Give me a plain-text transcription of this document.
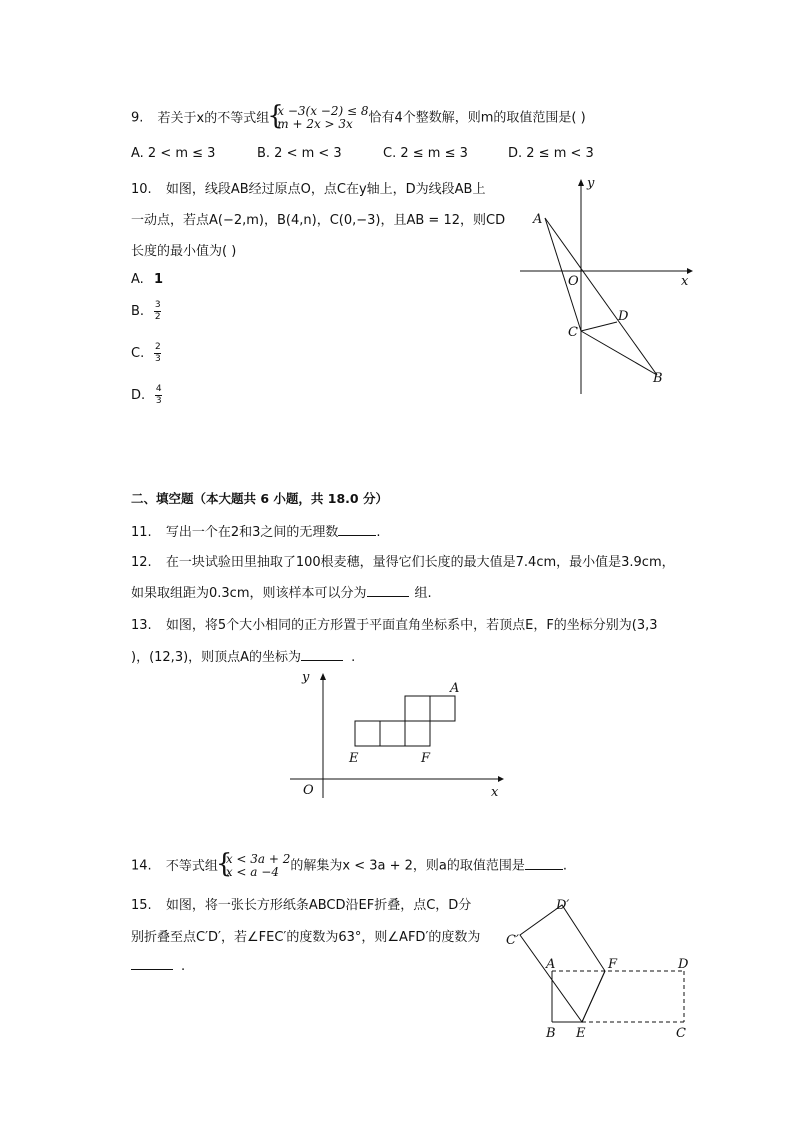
9. 若关于x的不等式组 { x −3(x −2) ≤ 8
m + 2x > 3x	恰有4个整数解，则m的取值范围是( )
A. 2 < m ≤ 3	B. 2 < m < 3	C. 2 ≤ m ≤ 3	D. 2 ≤ m < 3
10. 如图，线段AB经过原点O，点C在y轴上，D为线段AB上
一动点，若点A(−2,m)，B(4,n)，C(0,−3)，且AB = 12，则CD
长度的最小值为( )
A. 1
B. $\frac{3}{2}$
C. $\frac{2}{3}$
D. $\frac{4}{3}$
A
O
C
D
B
x
y
二、填空题（本大题共 6 小题，共 18.0 分）
11. 写出一个在2和3之间的无理数	.
12. 在一块试验田里抽取了100根麦穗，量得它们长度的最大值是7.4cm，最小值是3.9cm，
如果取组距为0.3cm，则该样本可以分为	组.
13. 如图，将5个大小相同的正方形置于平面直角坐标系中，若顶点E，F的坐标分别为(3,3
)，(12,3)，则顶点A的坐标为	.
y
x
O
E	F
A
14. 不等式组 { x < 3a + 2
x < a −4 的解集为x < 3a + 2，则a的取值范围是	.
15. 如图，将一张长方形纸条ABCD沿EF折叠，点C，D分
别折叠至点C′D′，若∠FEC′的度数为63°，则∠AFD′的度数为
.
D′
C′
A	F	D
B E	C
